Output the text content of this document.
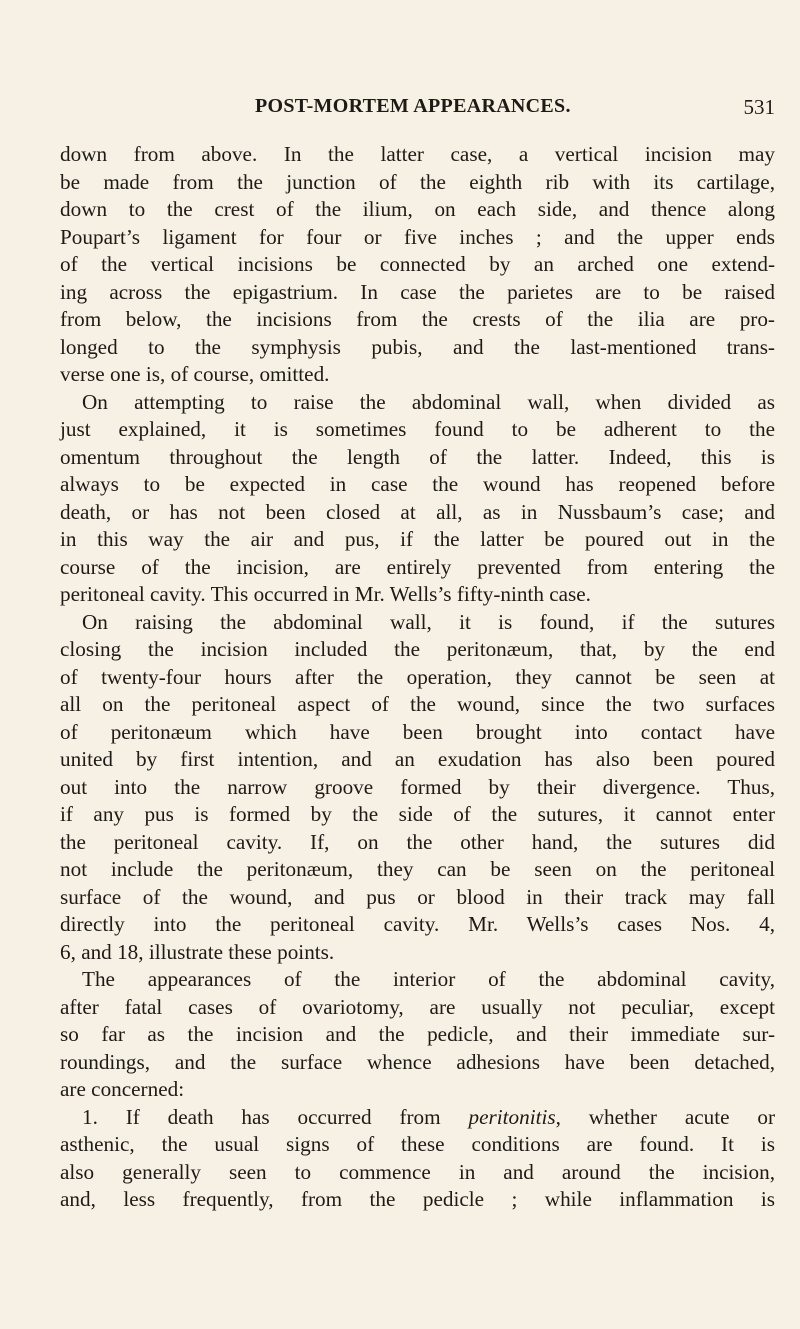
POST-MORTEM APPEARANCES.	531
down from above. In the latter case, a vertical incision may
be made from the junction of the eighth rib with its cartilage,
down to the crest of the ilium, on each side, and thence along
Poupart’s ligament for four or five inches ; and the upper ends
of the vertical incisions be connected by an arched one extend-
ing across the epigastrium. In case the parietes are to be raised
from below, the incisions from the crests of the ilia are pro-
longed to the symphysis pubis, and the last-mentioned trans-
verse one is, of course, omitted.
On attempting to raise the abdominal wall, when divided as
just explained, it is sometimes found to be adherent to the
omentum throughout the length of the latter. Indeed, this is
always to be expected in case the wound has reopened before
death, or has not been closed at all, as in Nussbaum’s case; and
in this way the air and pus, if the latter be poured out in the
course of the incision, are entirely prevented from entering the
peritoneal cavity. This occurred in Mr. Wells’s fifty-ninth case.
On raising the abdominal wall, it is found, if the sutures
closing the incision included the peritonæum, that, by the end
of twenty-four hours after the operation, they cannot be seen at
all on the peritoneal aspect of the wound, since the two surfaces
of peritonæum which have been brought into contact have
united by first intention, and an exudation has also been poured
out into the narrow groove formed by their divergence. Thus,
if any pus is formed by the side of the sutures, it cannot enter
the peritoneal cavity. If, on the other hand, the sutures did
not include the peritonæum, they can be seen on the peritoneal
surface of the wound, and pus or blood in their track may fall
directly into the peritoneal cavity. Mr. Wells’s cases Nos. 4,
6, and 18, illustrate these points.
The appearances of the interior of the abdominal cavity,
after fatal cases of ovariotomy, are usually not peculiar, except
so far as the incision and the pedicle, and their immediate sur-
roundings, and the surface whence adhesions have been detached,
are concerned:
1. If death has occurred from peritonitis, whether acute or
asthenic, the usual signs of these conditions are found. It is
also generally seen to commence in and around the incision,
and, less frequently, from the pedicle ; while inflammation is
